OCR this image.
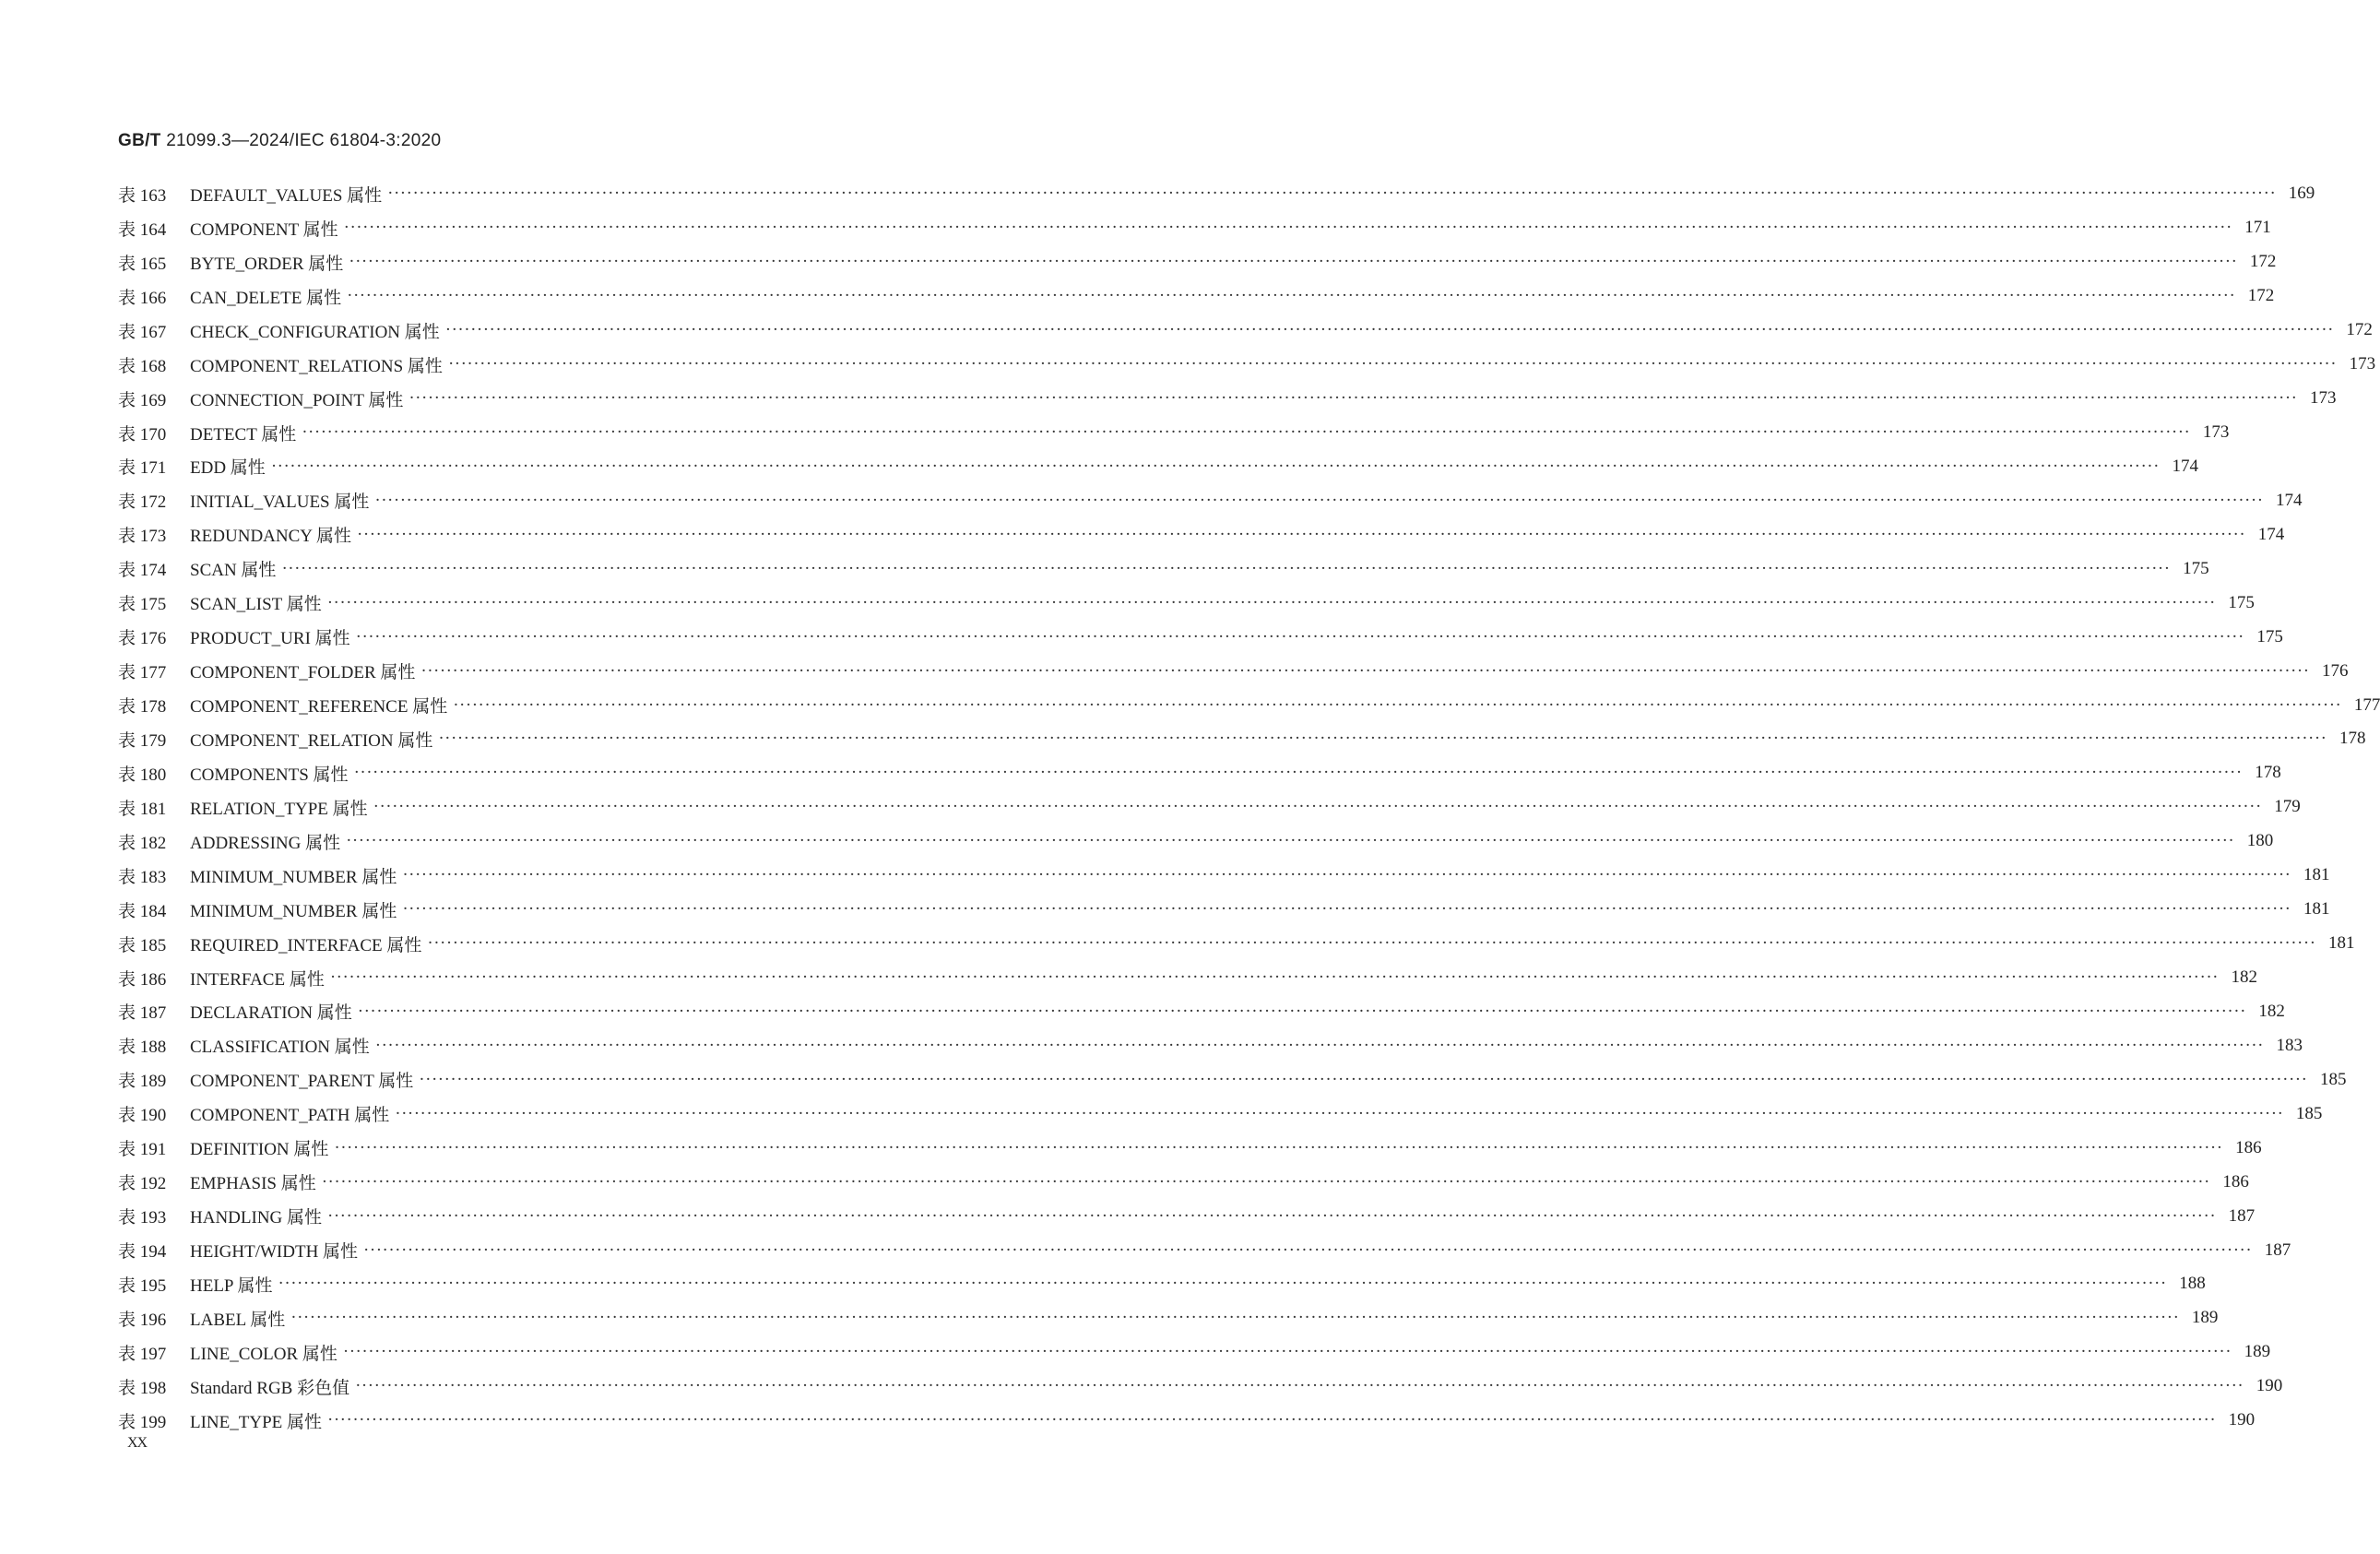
GB/T 21099.3—2024/IEC 61804-3:2020
表 163	DEFAULT_VALUES 属性 ············································································································································································································································································································ 169
表 164	COMPONENT 属性 ············································································································································································································································································································ 171
表 165	BYTE_ORDER 属性 ············································································································································································································································································································ 172
表 166	CAN_DELETE 属性 ············································································································································································································································································································ 172
表 167	CHECK_CONFIGURATION 属性 ············································································································································································································································································································ 172
表 168	COMPONENT_RELATIONS 属性 ············································································································································································································································································································ 173
表 169	CONNECTION_POINT 属性 ············································································································································································································································································································ 173
表 170	DETECT 属性 ············································································································································································································································································································ 173
表 171	EDD 属性 ············································································································································································································································································································ 174
表 172	INITIAL_VALUES 属性 ············································································································································································································································································································ 174
表 173	REDUNDANCY 属性 ············································································································································································································································································································ 174
表 174	SCAN 属性 ············································································································································································································································································································ 175
表 175	SCAN_LIST 属性 ············································································································································································································································································································ 175
表 176	PRODUCT_URI 属性 ············································································································································································································································································································ 175
表 177	COMPONENT_FOLDER 属性 ············································································································································································································································································································ 176
表 178	COMPONENT_REFERENCE 属性 ············································································································································································································································································································ 177
表 179	COMPONENT_RELATION 属性 ············································································································································································································································································································ 178
表 180	COMPONENTS 属性 ············································································································································································································································································································ 178
表 181	RELATION_TYPE 属性 ············································································································································································································································································································ 179
表 182	ADDRESSING 属性 ············································································································································································································································································································ 180
表 183	MINIMUM_NUMBER 属性 ············································································································································································································································································································ 181
表 184	MINIMUM_NUMBER 属性 ············································································································································································································································································································ 181
表 185	REQUIRED_INTERFACE 属性 ············································································································································································································································································································ 181
表 186	INTERFACE 属性 ············································································································································································································································································································ 182
表 187	DECLARATION 属性 ············································································································································································································································································································ 182
表 188	CLASSIFICATION 属性 ············································································································································································································································································································ 183
表 189	COMPONENT_PARENT 属性 ············································································································································································································································································································ 185
表 190	COMPONENT_PATH 属性 ············································································································································································································································································································ 185
表 191	DEFINITION 属性 ············································································································································································································································································································ 186
表 192	EMPHASIS 属性 ············································································································································································································································································································ 186
表 193	HANDLING 属性 ············································································································································································································································································································ 187
表 194	HEIGHT/WIDTH 属性 ············································································································································································································································································································ 187
表 195	HELP 属性 ············································································································································································································································································································ 188
表 196	LABEL 属性 ············································································································································································································································································································ 189
表 197	LINE_COLOR 属性 ············································································································································································································································································································ 189
表 198	Standard RGB 彩色值 ············································································································································································································································································································ 190
表 199	LINE_TYPE 属性 ············································································································································································································································································································ 190
XX
